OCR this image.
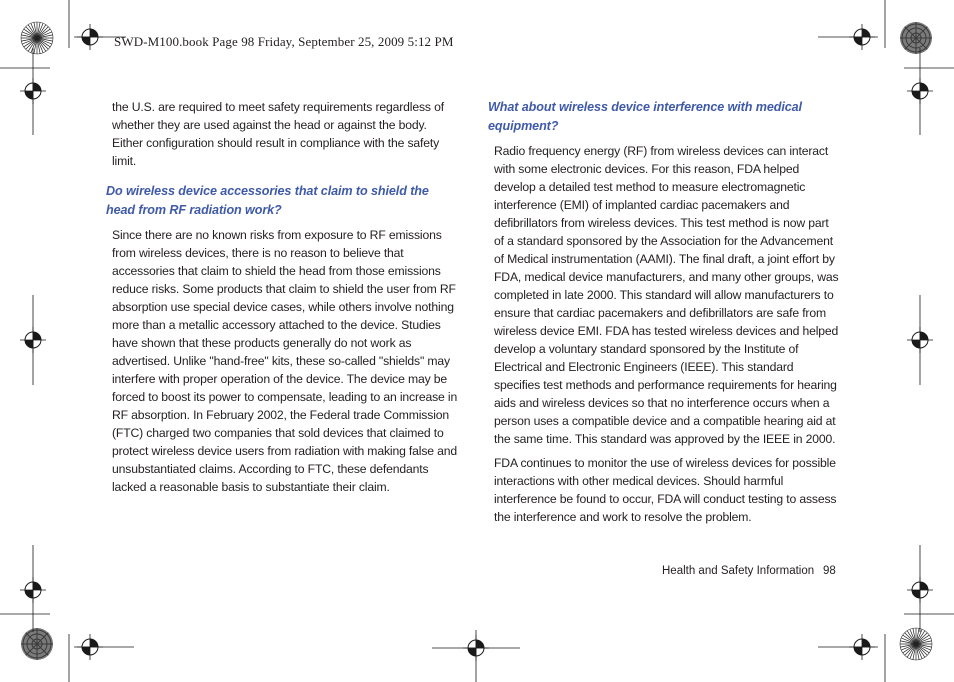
SWD-M100.book Page 98 Friday, September 25, 2009 5:12 PM

the U.S. are required to meet safety requirements regardless of whether they are used against the head or against the body. Either configuration should result in compliance with the safety limit.

Do wireless device accessories that claim to shield the head from RF radiation work?

Since there are no known risks from exposure to RF emissions from wireless devices, there is no reason to believe that accessories that claim to shield the head from those emissions reduce risks. Some products that claim to shield the user from RF absorption use special device cases, while others involve nothing more than a metallic accessory attached to the device. Studies have shown that these products generally do not work as advertised. Unlike "hand-free" kits, these so-called "shields" may interfere with proper operation of the device. The device may be forced to boost its power to compensate, leading to an increase in RF absorption. In February 2002, the Federal trade Commission (FTC) charged two companies that sold devices that claimed to protect wireless device users from radiation with making false and unsubstantiated claims. According to FTC, these defendants lacked a reasonable basis to substantiate their claim.

What about wireless device interference with medical equipment?

Radio frequency energy (RF) from wireless devices can interact with some electronic devices. For this reason, FDA helped develop a detailed test method to measure electromagnetic interference (EMI) of implanted cardiac pacemakers and defibrillators from wireless devices. This test method is now part of a standard sponsored by the Association for the Advancement of Medical instrumentation (AAMI). The final draft, a joint effort by FDA, medical device manufacturers, and many other groups, was completed in late 2000. This standard will allow manufacturers to ensure that cardiac pacemakers and defibrillators are safe from wireless device EMI. FDA has tested wireless devices and helped develop a voluntary standard sponsored by the Institute of Electrical and Electronic Engineers (IEEE). This standard specifies test methods and performance requirements for hearing aids and wireless devices so that no interference occurs when a person uses a compatible device and a compatible hearing aid at the same time. This standard was approved by the IEEE in 2000.

FDA continues to monitor the use of wireless devices for possible interactions with other medical devices. Should harmful interference be found to occur, FDA will conduct testing to assess the interference and work to resolve the problem.

Health and Safety Information 98
